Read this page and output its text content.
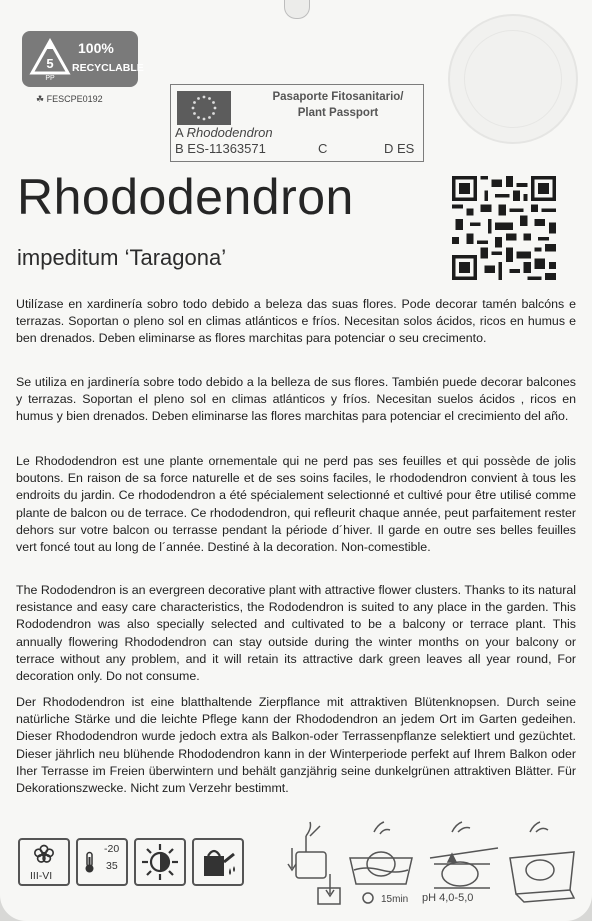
5
PP
100%
RECYCLABLE
☘ FESCPE0192	Pasaporte Fitosanitario/
Plant Passport
A Rhododendron
B ES-11363571	C	D ES
Rhododendron
impeditum ‘Taragona’

Utilízase en xardinería sobro todo debido a beleza das suas flores. Pode decorar tamén balcóns e terrazas. Soportan o pleno sol en climas atlánticos e fríos. Necesitan solos ácidos, ricos en humus e ben drenados. Deben eliminarse as flores marchitas para potenciar o seu crecimento.

Se utiliza en jardinería sobre todo debido a la belleza de sus flores. También puede decorar balcones y terrazas. Soportan el pleno sol en climas atlánticos y fríos. Necesitan suelos ácidos , ricos en humus y bien drenados. Deben eliminarse las flores marchitas para potenciar el crecimiento del año.

Le Rhododendron est une plante ornementale qui ne perd pas ses feuilles et qui possède de jolis boutons. En raison de sa force naturelle et de ses soins faciles, le rhododendron convient à tous les endroits du jardin. Ce rhododendron a été spécialement selectionné et cultivé pour être utilisé comme plante de balcon ou de terrace. Ce rhododendron, qui refleurit chaque année, peut parfaitement rester dehors sur votre balcon ou terrasse pendant la période d´hiver. Il garde en outre ses belles feuilles vert foncé tout au long de l´année. Destiné à la decoration. Non-comestible.

The Rododendron is an evergreen decorative plant with attractive flower clusters. Thanks to its natural resistance and easy care characteristics, the Rododendron is suited to any place in the garden. This Rododendron was also specially selected and cultivated to be a balcony or terrace plant. This annually flowering Rhododendron can stay outside during the winter months on your balcony or terrace without any problem, and it will retain its attractive dark green leaves all year round, For decoration only. Do not consume.

Der Rhododendron ist eine blatthaltende Zierpflance mit attraktiven Blütenknopsen. Durch seine natürliche Stärke und die leichte Pflege kann der Rhododendron an jedem Ort im Garten gedeihen. Dieser Rhododendron wurde jedoch extra als Balkon-oder Terrassenpflanze selektiert und gezüchtet. Dieser jährlich neu blühende Rhododendron kann in der Winterperiode perfekt auf Ihrem Balkon oder Iher Terrasse im Freien überwintern und behält ganzjährig seine dunkelgrünen attraktiven Blätter. Für Dekorationszwecke. Nicht zum Verzehr bestimmt.

III-VI
-20
35
15min pH 4,0-5,0
